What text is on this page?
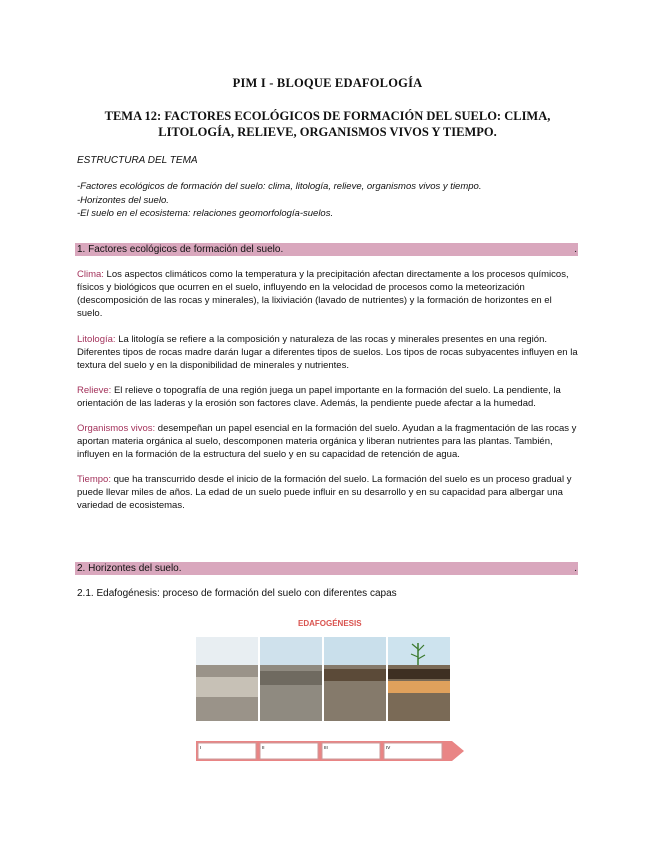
PIM I - BLOQUE EDAFOLOGÍA
TEMA 12: FACTORES ECOLÓGICOS DE FORMACIÓN DEL SUELO: CLIMA, LITOLOGÍA, RELIEVE, ORGANISMOS VIVOS Y TIEMPO.
ESTRUCTURA DEL TEMA
-Factores ecológicos de formación del suelo: clima, litología, relieve, organismos vivos y tiempo.
-Horizontes del suelo.
-El suelo en el ecosistema: relaciones geomorfología-suelos.
1. Factores ecológicos de formación del suelo.	.
Clima: Los aspectos climáticos como la temperatura y la precipitación afectan directamente a los procesos químicos, físicos y biológicos que ocurren en el suelo, influyendo en la velocidad de procesos como la meteorización (descomposición de las rocas y minerales), la lixiviación (lavado de nutrientes) y la formación de horizontes en el suelo.
Litología: La litología se refiere a la composición y naturaleza de las rocas y minerales presentes en una región. Diferentes tipos de rocas madre darán lugar a diferentes tipos de suelos. Los tipos de rocas subyacentes influyen en la textura del suelo y en la disponibilidad de minerales y nutrientes.
Relieve: El relieve o topografía de una región juega un papel importante en la formación del suelo. La pendiente, la orientación de las laderas y la erosión son factores clave. Además, la pendiente puede afectar a la humedad.
Organismos vivos: desempeñan un papel esencial en la formación del suelo. Ayudan a la fragmentación de las rocas y aportan materia orgánica al suelo, descomponen materia orgánica y liberan nutrientes para las plantas. También, influyen en la formación de la estructura del suelo y en su capacidad de retención de agua.
Tiempo: que ha transcurrido desde el inicio de la formación del suelo. La formación del suelo es un proceso gradual y puede llevar miles de años. La edad de un suelo puede influir en su desarrollo y en su capacidad para albergar una variedad de ecosistemas.
2. Horizontes del suelo.	.
2.1. Edafogénesis: proceso de formación del suelo con diferentes capas
EDAFOGÉNESIS
I	II	III	IV
